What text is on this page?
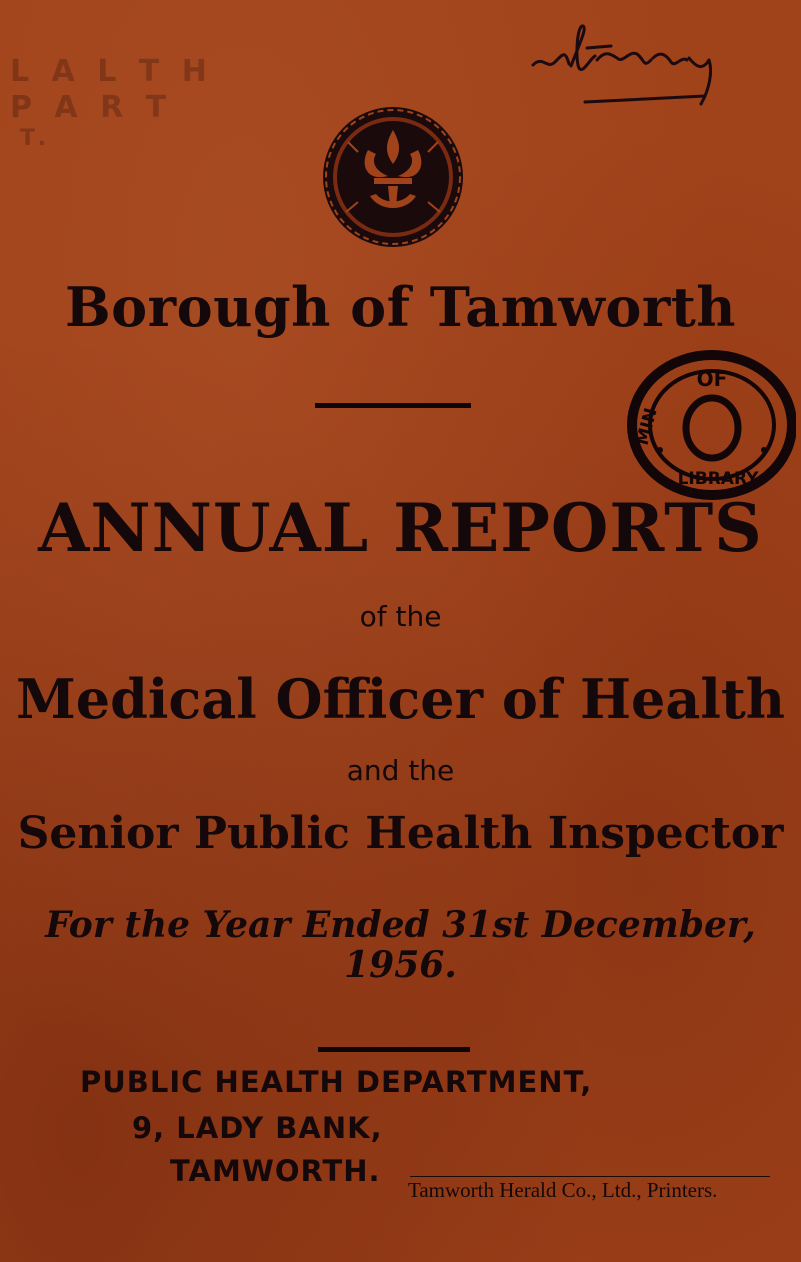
L A L T H
P A R T
T.
Borough of Tamworth
OF
MIN
LIBRARY
ANNUAL REPORTS
of the
Medical Officer of Health
and the
Senior Public Health Inspector
For the Year Ended 31st December, 1956.
PUBLIC HEALTH DEPARTMENT,
9, LADY BANK,
TAMWORTH.
Tamworth Herald Co., Ltd., Printers.
